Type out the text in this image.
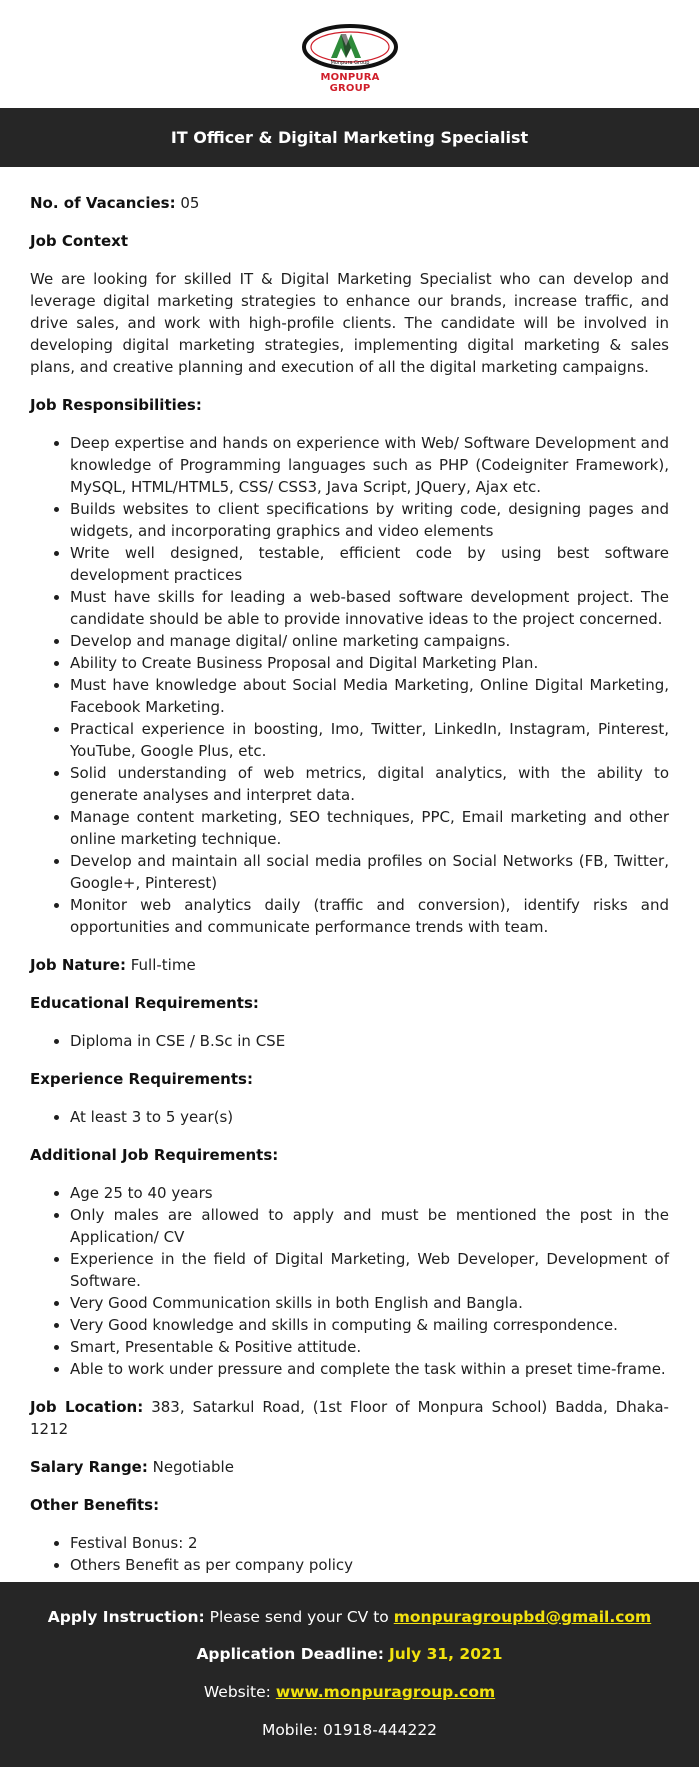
Monpura Group
MONPURA GROUP
IT Officer & Digital Marketing Specialist

No. of Vacancies: 05

Job Context

We are looking for skilled IT & Digital Marketing Specialist who can develop and leverage digital marketing strategies to enhance our brands, increase traffic, and drive sales, and work with high-profile clients. The candidate will be involved in developing digital marketing strategies, implementing digital marketing & sales plans, and creative planning and execution of all the digital marketing campaigns.

Job Responsibilities:

• Deep expertise and hands on experience with Web/ Software Development and knowledge of Programming languages such as PHP (Codeigniter Framework), MySQL, HTML/HTML5, CSS/ CSS3, Java Script, JQuery, Ajax etc.
• Builds websites to client specifications by writing code, designing pages and widgets, and incorporating graphics and video elements
• Write well designed, testable, efficient code by using best software development practices
• Must have skills for leading a web-based software development project. The candidate should be able to provide innovative ideas to the project concerned.
• Develop and manage digital/ online marketing campaigns.
• Ability to Create Business Proposal and Digital Marketing Plan.
• Must have knowledge about Social Media Marketing, Online Digital Marketing, Facebook Marketing.
• Practical experience in boosting, Imo, Twitter, LinkedIn, Instagram, Pinterest, YouTube, Google Plus, etc.
• Solid understanding of web metrics, digital analytics, with the ability to generate analyses and interpret data.
• Manage content marketing, SEO techniques, PPC, Email marketing and other online marketing technique.
• Develop and maintain all social media profiles on Social Networks (FB, Twitter, Google+, Pinterest)
• Monitor web analytics daily (traffic and conversion), identify risks and opportunities and communicate performance trends with team.

Job Nature: Full-time

Educational Requirements:

• Diploma in CSE / B.Sc in CSE

Experience Requirements:

• At least 3 to 5 year(s)

Additional Job Requirements:

• Age 25 to 40 years
• Only males are allowed to apply and must be mentioned the post in the Application/ CV
• Experience in the field of Digital Marketing, Web Developer, Development of Software.
• Very Good Communication skills in both English and Bangla.
• Very Good knowledge and skills in computing & mailing correspondence.
• Smart, Presentable & Positive attitude.
• Able to work under pressure and complete the task within a preset time-frame.

Job Location: 383, Satarkul Road, (1st Floor of Monpura School) Badda, Dhaka-1212

Salary Range: Negotiable

Other Benefits:

• Festival Bonus: 2
• Others Benefit as per company policy
Apply Instruction: Please send your CV to monpuragroupbd@gmail.com
Application Deadline: July 31, 2021
Website: www.monpuragroup.com
Mobile: 01918-444222
